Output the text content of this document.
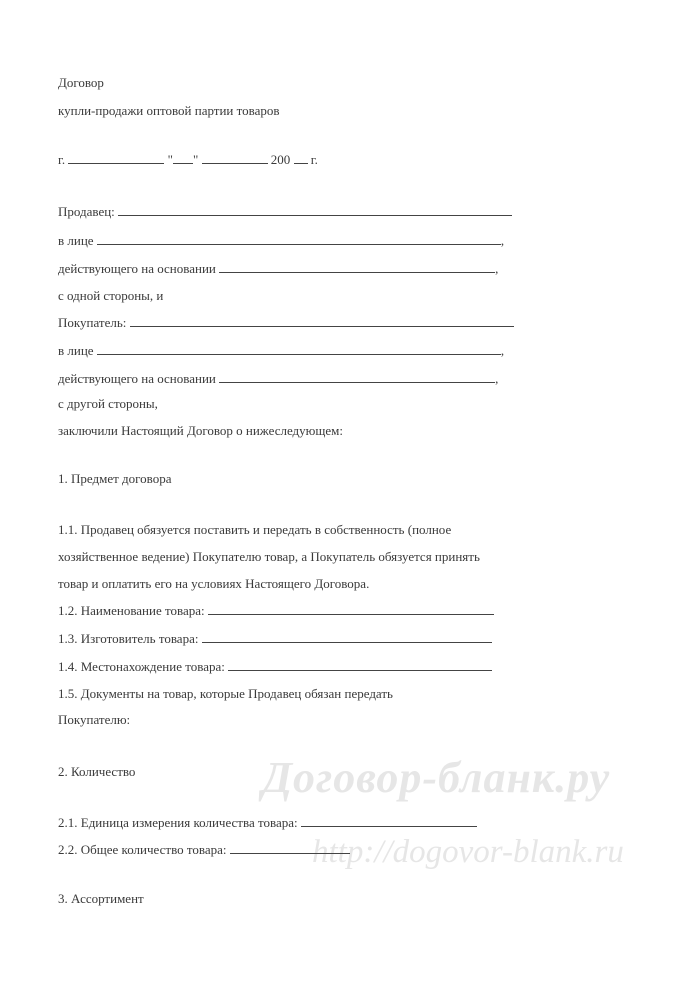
Договор-бланк.ру
http://dogovor-blank.ru
Договор
купли-продажи оптовой партии товаров
г.	" "	200 г.
Продавец:
в лице	,
действующего на основании	,
с одной стороны, и
Покупатель:
в лице	,
действующего на основании	,
с другой стороны,
заключили Настоящий Договор о нижеследующем:
1. Предмет договора
1.1. Продавец обязуется поставить и передать в собственность (полное
хозяйственное ведение) Покупателю товар, а Покупатель обязуется принять
товар и оплатить его на условиях Настоящего Договора.
1.2. Наименование товара:
1.3. Изготовитель товара:
1.4. Местонахождение товара:
1.5. Документы на товар, которые Продавец обязан передать
Покупателю:
2. Количество
2.1. Единица измерения количества товара:
2.2. Общее количество товара:
3. Ассортимент
